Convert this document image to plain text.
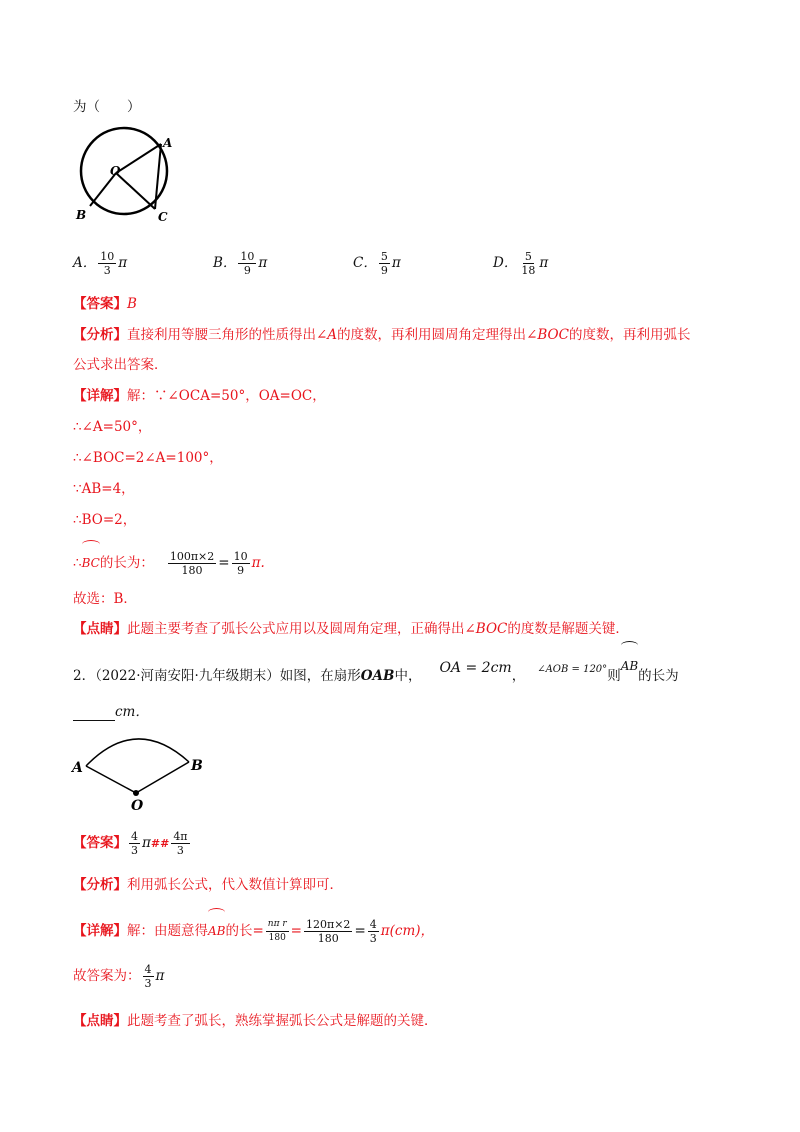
为（　　）
A
O
B	C
A． $\frac{10}{3}$ π	B． $\frac{10}{9}$ π	C． $\frac{5}{9}$ π	D． $\frac{5}{18}$ π
【答案】B
【分析】直接利用等腰三角形的性质得出∠A的度数，再利用圆周角定理得出∠BOC的度数，再利用弧长
公式求出答案．
【详解】解：∵∠OCA=50°，OA=OC，
∴∠A=50°，
∴∠BOC=2∠A=100°，
∵AB=4，
∴BO=2，
∴BC的长为： $\frac{100\pi\times 2}{180} = \frac{10}{9} \pi$.
故选：B．
【点睛】此题主要考查了弧长公式应用以及圆周角定理，正确得出∠BOC的度数是解题关键．
2．（2022·河南安阳·九年级期末）如图，在扇形OAB中， OA = 2cm， $^{\angle AOB = 120^\circ}$则AB的长为
cm．
A	B
O
【答案】 $\frac{4}{3}$ π## $\frac{4\pi}{3}$
【分析】利用弧长公式，代入数值计算即可．
【详解】解：由题意得AB的长= $\frac{\text{nπ r}}{180} = \frac{120\pi\times 2}{180} = \frac{4}{3} \pi(cm)$，
故答案为： $\frac{4}{3}$ π
【点睛】此题考查了弧长，熟练掌握弧长公式是解题的关键．
